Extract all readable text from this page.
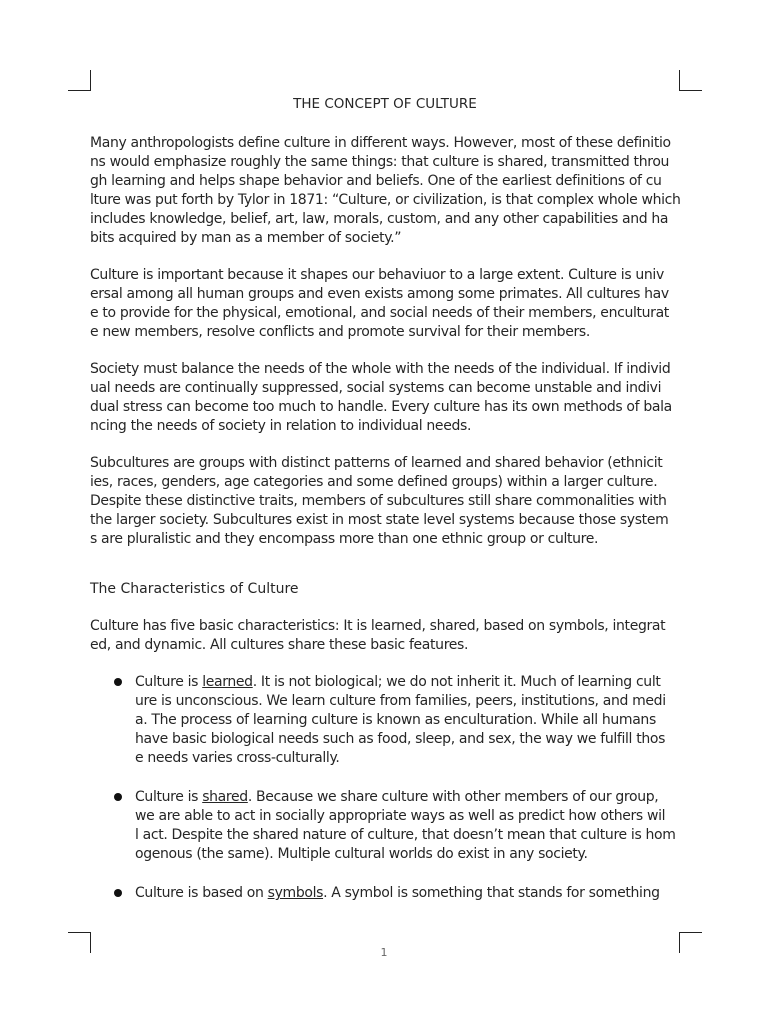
THE CONCEPT OF CULTURE
Many anthropologists define culture in different ways. However, most of these definitio
ns would emphasize roughly the same things: that culture is shared, transmitted throu
gh learning and helps shape behavior and beliefs. One of the earliest definitions of cu
lture was put forth by Tylor in 1871: “Culture, or civilization, is that complex whole which
includes knowledge, belief, art, law, morals, custom, and any other capabilities and ha
bits acquired by man as a member of society.”
Culture is important because it shapes our behaviuor to a large extent. Culture is univ
ersal among all human groups and even exists among some primates. All cultures hav
e to provide for the physical, emotional, and social needs of their members, enculturat
e new members, resolve conflicts and promote survival for their members.
Society must balance the needs of the whole with the needs of the individual. If individ
ual needs are continually suppressed, social systems can become unstable and indivi
dual stress can become too much to handle. Every culture has its own methods of bala
ncing the needs of society in relation to individual needs.
Subcultures are groups with distinct patterns of learned and shared behavior (ethnicit
ies, races, genders, age categories and some defined groups) within a larger culture.
Despite these distinctive traits, members of subcultures still share commonalities with
the larger society. Subcultures exist in most state level systems because those system
s are pluralistic and they encompass more than one ethnic group or culture.
The Characteristics of Culture
Culture has five basic characteristics: It is learned, shared, based on symbols, integrat
ed, and dynamic. All cultures share these basic features.
Culture is learned. It is not biological; we do not inherit it. Much of learning cult
ure is unconscious. We learn culture from families, peers, institutions, and medi
a. The process of learning culture is known as enculturation. While all humans
have basic biological needs such as food, sleep, and sex, the way we fulfill thos
e needs varies cross-culturally.
Culture is shared. Because we share culture with other members of our group,
we are able to act in socially appropriate ways as well as predict how others wil
l act. Despite the shared nature of culture, that doesn’t mean that culture is hom
ogenous (the same). Multiple cultural worlds do exist in any society.
Culture is based on symbols. A symbol is something that stands for something
1
